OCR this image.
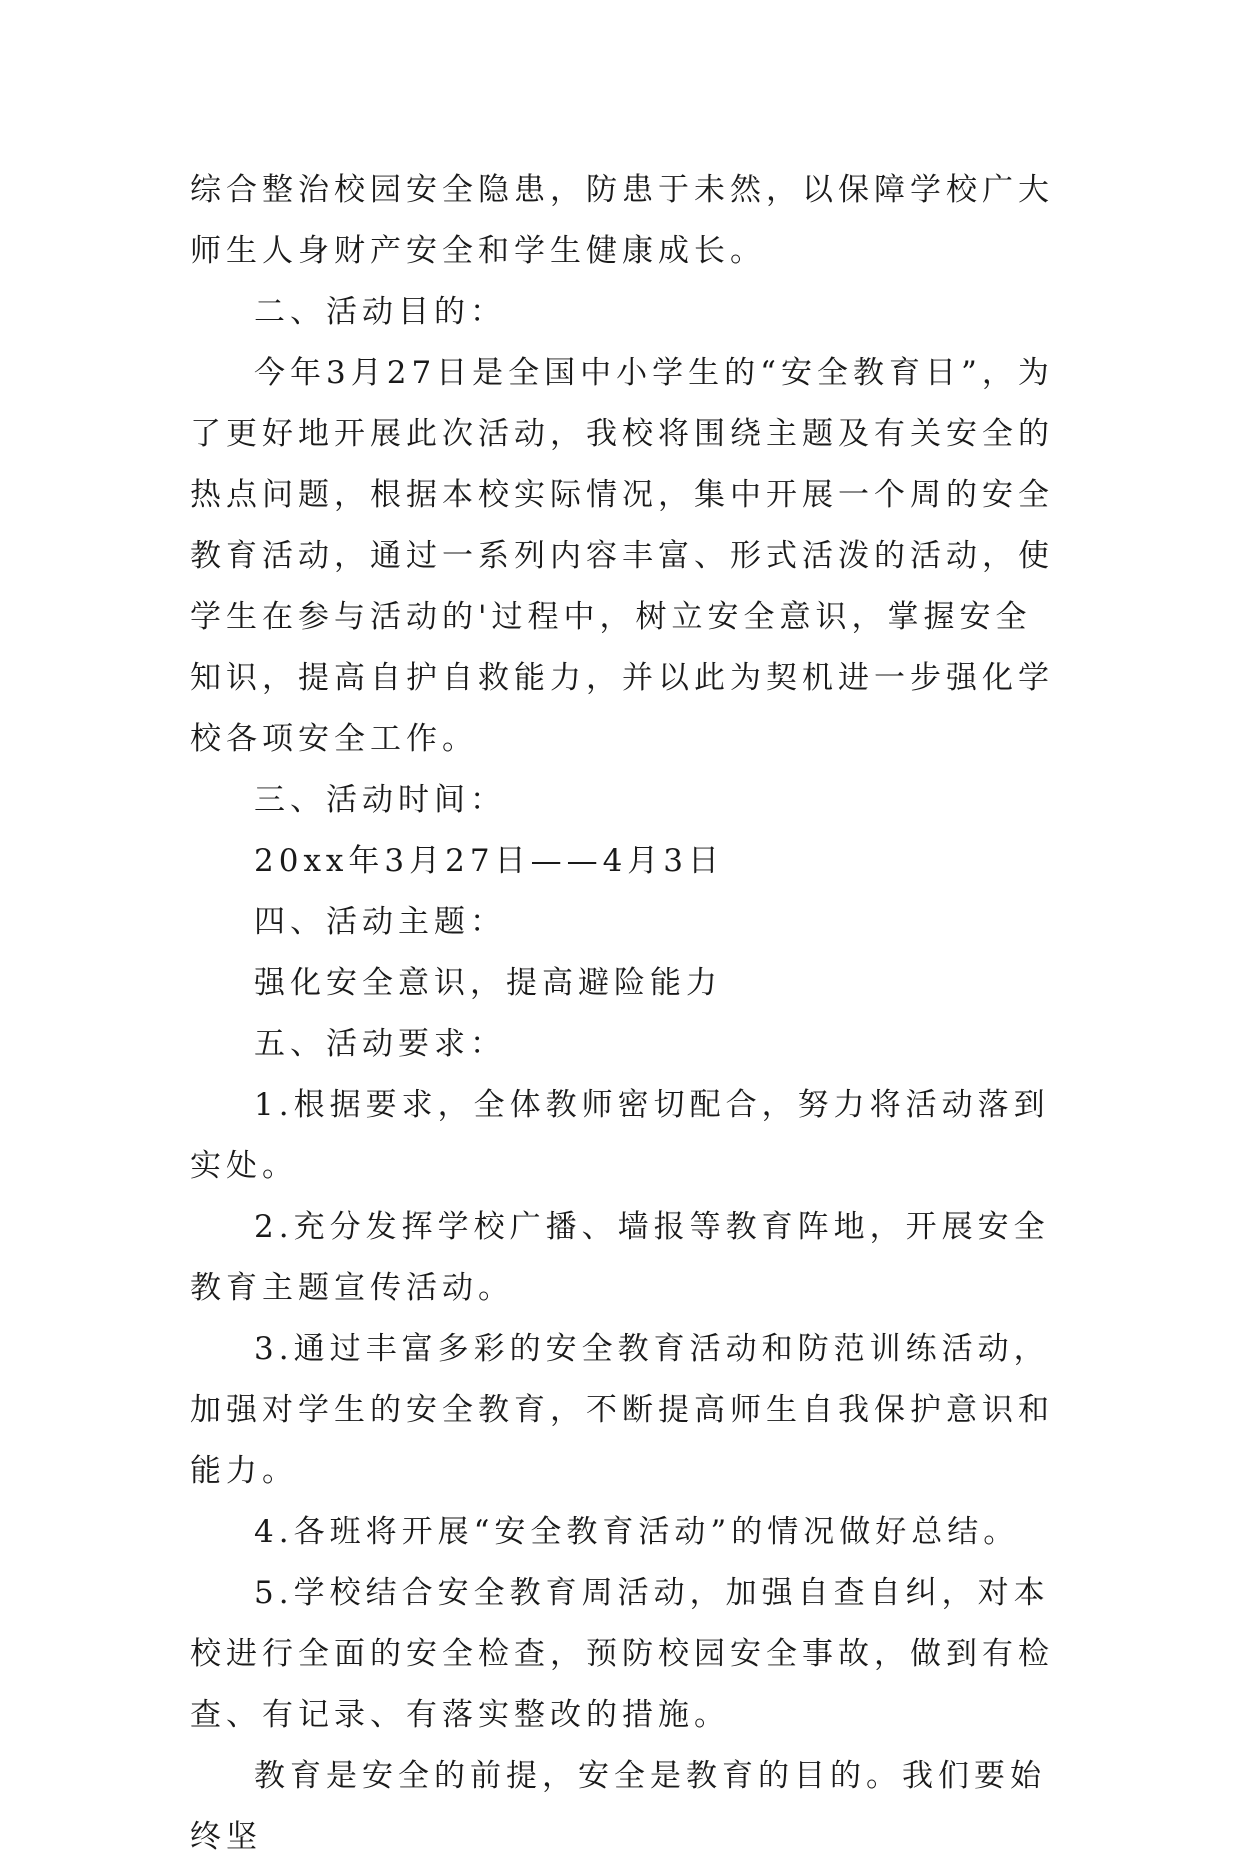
综合整治校园安全隐患，防患于未然，以保障学校广大师生人身财产安全和学生健康成长。

二、活动目的：

今年3月27日是全国中小学生的“安全教育日”，为了更好地开展此次活动，我校将围绕主题及有关安全的热点问题，根据本校实际情况，集中开展一个周的安全教育活动，通过一系列内容丰富、形式活泼的活动，使学生在参与活动的'过程中，树立安全意识，掌握安全知识，提高自护自救能力，并以此为契机进一步强化学校各项安全工作。

三、活动时间：

20xx年3月27日——4月3日

四、活动主题：

强化安全意识，提高避险能力

五、活动要求：

1.根据要求，全体教师密切配合，努力将活动落到实处。

2.充分发挥学校广播、墙报等教育阵地，开展安全教育主题宣传活动。

3.通过丰富多彩的安全教育活动和防范训练活动，加强对学生的安全教育，不断提高师生自我保护意识和能力。

4.各班将开展“安全教育活动”的情况做好总结。

5.学校结合安全教育周活动，加强自查自纠，对本校进行全面的安全检查，预防校园安全事故，做到有检查、有记录、有落实整改的措施。

教育是安全的前提，安全是教育的目的。我们要始终坚
